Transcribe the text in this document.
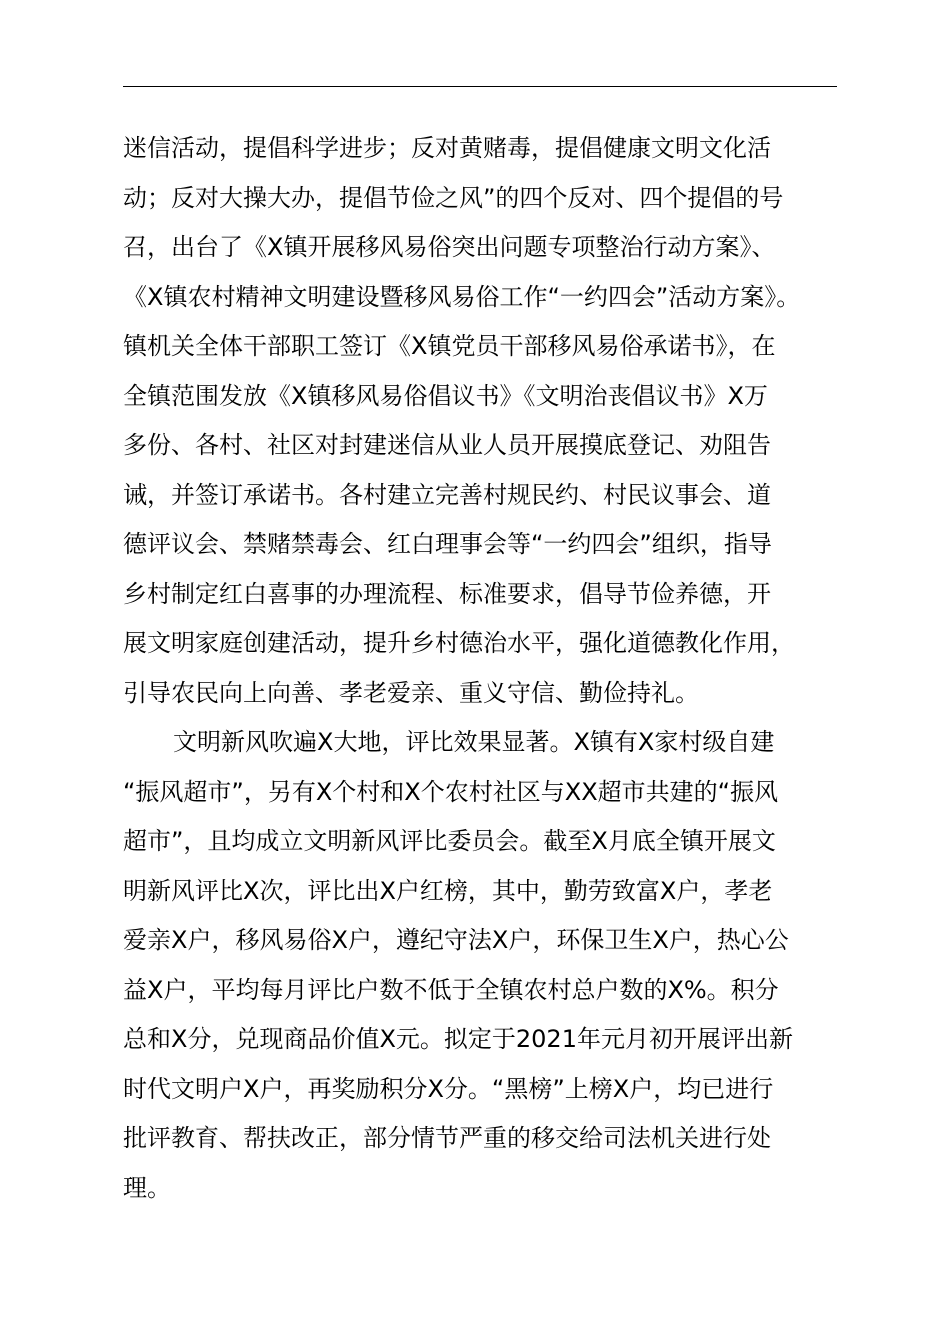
迷信活动，提倡科学进步；反对黄赌毒，提倡健康文明文化活
动；反对大操大办，提倡节俭之风”的四个反对、四个提倡的号
召，出台了《X镇开展移风易俗突出问题专项整治行动方案》、
《X镇农村精神文明建设暨移风易俗工作“一约四会”活动方案》。
镇机关全体干部职工签订《X镇党员干部移风易俗承诺书》，在
全镇范围发放《X镇移风易俗倡议书》《文明治丧倡议书》X万
多份、各村、社区对封建迷信从业人员开展摸底登记、劝阻告
诫，并签订承诺书。各村建立完善村规民约、村民议事会、道
德评议会、禁赌禁毒会、红白理事会等“一约四会”组织，指导
乡村制定红白喜事的办理流程、标准要求，倡导节俭养德，开
展文明家庭创建活动，提升乡村德治水平，强化道德教化作用，
引导农民向上向善、孝老爱亲、重义守信、勤俭持礼。
文明新风吹遍X大地，评比效果显著。X镇有X家村级自建
“振风超市”，另有X个村和X个农村社区与XX超市共建的“振风
超市”，且均成立文明新风评比委员会。截至X月底全镇开展文
明新风评比X次，评比出X户红榜，其中，勤劳致富X户，孝老
爱亲X户，移风易俗X户，遵纪守法X户，环保卫生X户，热心公
益X户，平均每月评比户数不低于全镇农村总户数的X%。积分
总和X分，兑现商品价值X元。拟定于2021年元月初开展评出新
时代文明户X户，再奖励积分X分。“黑榜”上榜X户，均已进行
批评教育、帮扶改正，部分情节严重的移交给司法机关进行处
理。
